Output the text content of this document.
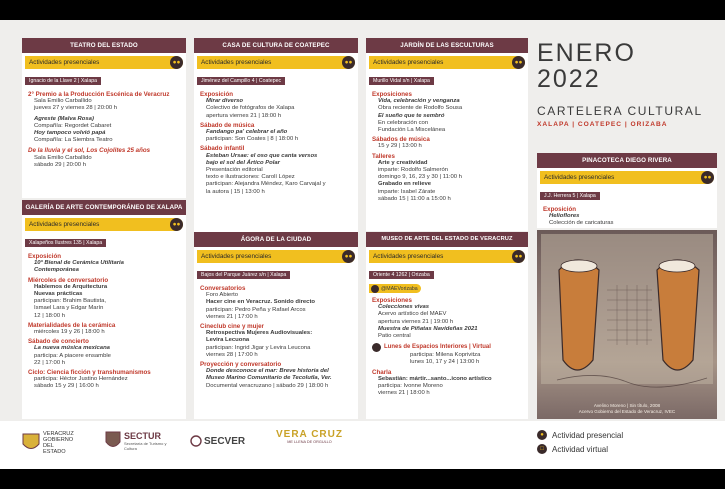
TEATRO DEL ESTADO
Actividades presenciales	●●
Ignacio de la Llave 2 | Xalapa
2° Premio a la Producción Escénica de Veracruz
Sala Emilio Carballido
jueves 27 y viernes 28 | 20:00 h
Agreste (Malva Rosa)
Compañía: Regordet Cabaret
Hoy tampoco volvió papá
Compañía: La Siembra Teatro
De la lluvia y el sol, Los Cojolites 25 años
Sala Emilio Carballido
sábado 29 | 20:00 h
GALERÍA DE ARTE CONTEMPORÁNEO DE XALAPA
Actividades presenciales	●●
Xalapeños Ilustres 135 | Xalapa
Exposición
10ª Bienal de Cerámica Utilitaria
Contemporánea
Miércoles de conversatorio
Hablemos de Arquitectura
Nuevas prácticas
participan: Brahim Bautista,
Ismael Lara y Edgar Marín
12 | 18:00 h
Materialidades de la cerámica
miércoles 19 y 26 | 18:00 h
Sábado de concierto
La nueva música mexicana
participa: A piacere ensamble
22 | 17:00 h
Ciclo: Ciencia ficción y transhumanismos
participa: Héctor Justino Hernández
sábado 15 y 29 | 16:00 h
CASA DE CULTURA DE COATEPEC
Actividades presenciales	●●
Jiménez del Campillo 4 | Coatepec
Exposición
Mirar diverso
Colectivo de fotógrafos de Xalapa
apertura viernes 21 | 18:00 h
Sábado de música
Fandango pa' celebrar el año
participan: Son Coates | 8 | 18:00 h
Sábado infantil
Esteban Ursae: el oso que canta versos
bajo el sol del Ártico Polar
Presentación editorial
texto e ilustraciones: Carolí López
participan: Alejandra Méndez, Karo Carvajal y
la autora | 15 | 13:00 h
ÁGORA DE LA CIUDAD
Actividades presenciales	●●
Bajos del Parque Juárez s/n | Xalapa
Conversatorios
Foro Abierto
Hacer cine en Veracruz. Sonido directo
participan: Pedro Peña y Rafael Arcos
viernes 21 | 17:00 h
Cineclub cine y mujer
Retrospectiva Mujeres Audiovisuales:
Levira Lecuona
participan: Ingrid Jigar y Levira Leucona
viernes 28 | 17:00 h
Proyección y conversatorio
Donde desconoce el mar: Breve historia del
Museo Marino Comunitario de Tecolutla, Ver.
Documental veracruzano | sábado 29 | 18:00 h
JARDÍN DE LAS ESCULTURAS
Actividades presenciales	●●
Murillo Vidal s/n | Xalapa
Exposiciones
Vida, celebración y venganza
Obra reciente de Rodolfo Sousa
El sueño que te sembró
En celebración con
Fundación La Miscelánea
Sábados de música
15 y 29 | 13:00 h
Talleres
Arte y creatividad
imparte: Rodolfo Salmerón
domingo 9, 16, 23 y 30 | 11:00 h
Grabado en relieve
imparte: Isabel Zárate
sábado 15 | 11:00 a 15:00 h
MUSEO DE ARTE DEL ESTADO DE VERACRUZ
Actividades presenciales	●●
Oriente 4 1262 | Orizaba
@MAEVorizaba
Exposiciones
Colecciones vivas
Acervo artístico del MAEV
apertura viernes 21 | 19:00 h
Muestra de Piñatas Navideñas 2021
Patio central
Lunes de Espacios Interiores | Virtual
participa: Milena Koprivitza
lunes 10, 17 y 24 | 13:00 h
Charla
Sebastián: mártir...santo...icono artístico
participa: Ivonne Moreno
viernes 21 | 18:00 h
ENERO
2022
CARTELERA CULTURAL
XALAPA | COATEPEC | ORIZABA
PINACOTECA DIEGO RIVERA
Actividades presenciales	●●
J.J. Herrera 5 | Xalapa
Exposición
Helioflores
Colección de caricaturas
Avelino Moreno | Sin título, 2008
Acervo Gobierno del Estado de Veracruz, IVEC
VERACRUZ GOBIERNO DEL ESTADO
SECTUR
Secretaría de Turismo y Cultura
SECVER
VERA CRUZ
ME LLENA DE ORGULLO
●	Actividad presencial
□	Actividad virtual
